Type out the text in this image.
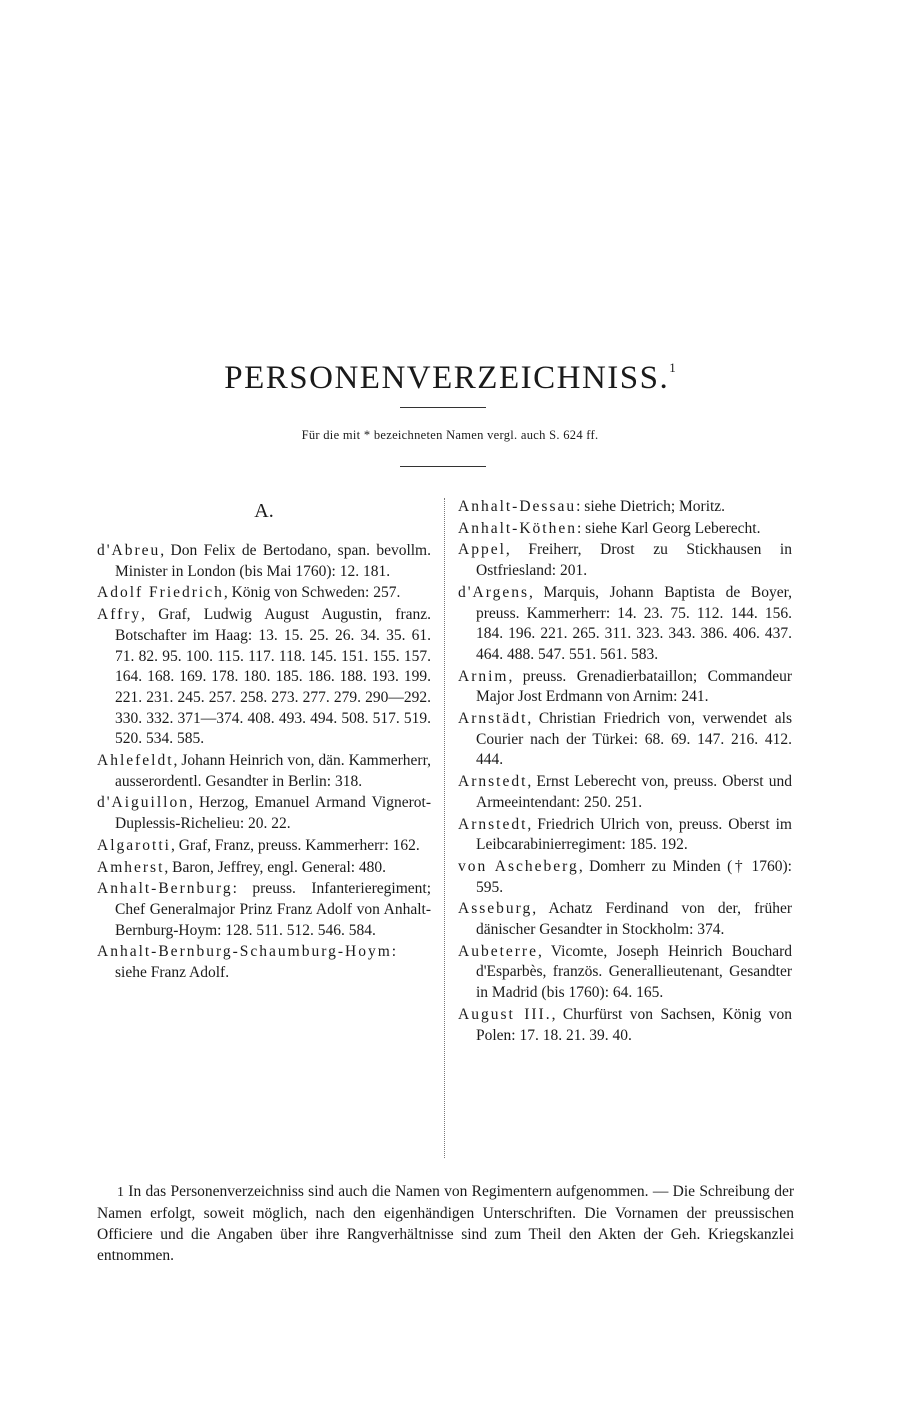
PERSONENVERZEICHNISS.$^1$
Für die mit * bezeichneten Namen vergl. auch S. 624 ff.
A.
d'Abreu, Don Felix de Bertodano, span. bevollm. Minister in London (bis Mai 1760): 12. 181.
Adolf Friedrich, König von Schweden: 257.
Affry, Graf, Ludwig August Augustin, franz. Botschafter im Haag: 13. 15. 25. 26. 34. 35. 61. 71. 82. 95. 100. 115. 117. 118. 145. 151. 155. 157. 164. 168. 169. 178. 180. 185. 186. 188. 193. 199. 221. 231. 245. 257. 258. 273. 277. 279. 290—292. 330. 332. 371—374. 408. 493. 494. 508. 517. 519. 520. 534. 585.
Ahlefeldt, Johann Heinrich von, dän. Kammerherr, ausserordentl. Gesandter in Berlin: 318.
d'Aiguillon, Herzog, Emanuel Armand Vignerot-Duplessis-Richelieu: 20. 22.
Algarotti, Graf, Franz, preuss. Kammerherr: 162.
Amherst, Baron, Jeffrey, engl. General: 480.
Anhalt-Bernburg: preuss. Infanterieregiment; Chef Generalmajor Prinz Franz Adolf von Anhalt-Bernburg-Hoym: 128. 511. 512. 546. 584.
Anhalt-Bernburg-Schaumburg-Hoym: siehe Franz Adolf.
Anhalt-Dessau: siehe Dietrich; Moritz.
Anhalt-Köthen: siehe Karl Georg Leberecht.
Appel, Freiherr, Drost zu Stickhausen in Ostfriesland: 201.
d'Argens, Marquis, Johann Baptista de Boyer, preuss. Kammerherr: 14. 23. 75. 112. 144. 156. 184. 196. 221. 265. 311. 323. 343. 386. 406. 437. 464. 488. 547. 551. 561. 583.
Arnim, preuss. Grenadierbataillon; Commandeur Major Jost Erdmann von Arnim: 241.
Arnstädt, Christian Friedrich von, verwendet als Courier nach der Türkei: 68. 69. 147. 216. 412. 444.
Arnstedt, Ernst Leberecht von, preuss. Oberst und Armeeintendant: 250. 251.
Arnstedt, Friedrich Ulrich von, preuss. Oberst im Leibcarabinierregiment: 185. 192.
von Ascheberg, Domherr zu Minden († 1760): 595.
Asseburg, Achatz Ferdinand von der, früher dänischer Gesandter in Stockholm: 374.
Aubeterre, Vicomte, Joseph Heinrich Bouchard d'Esparbès, französ. Generallieutenant, Gesandter in Madrid (bis 1760): 64. 165.
August III., Churfürst von Sachsen, König von Polen: 17. 18. 21. 39. 40.
1 In das Personenverzeichniss sind auch die Namen von Regimentern aufgenommen. — Die Schreibung der Namen erfolgt, soweit möglich, nach den eigenhändigen Unterschriften. Die Vornamen der preussischen Officiere und die Angaben über ihre Rangverhältnisse sind zum Theil den Akten der Geh. Kriegskanzlei entnommen.
